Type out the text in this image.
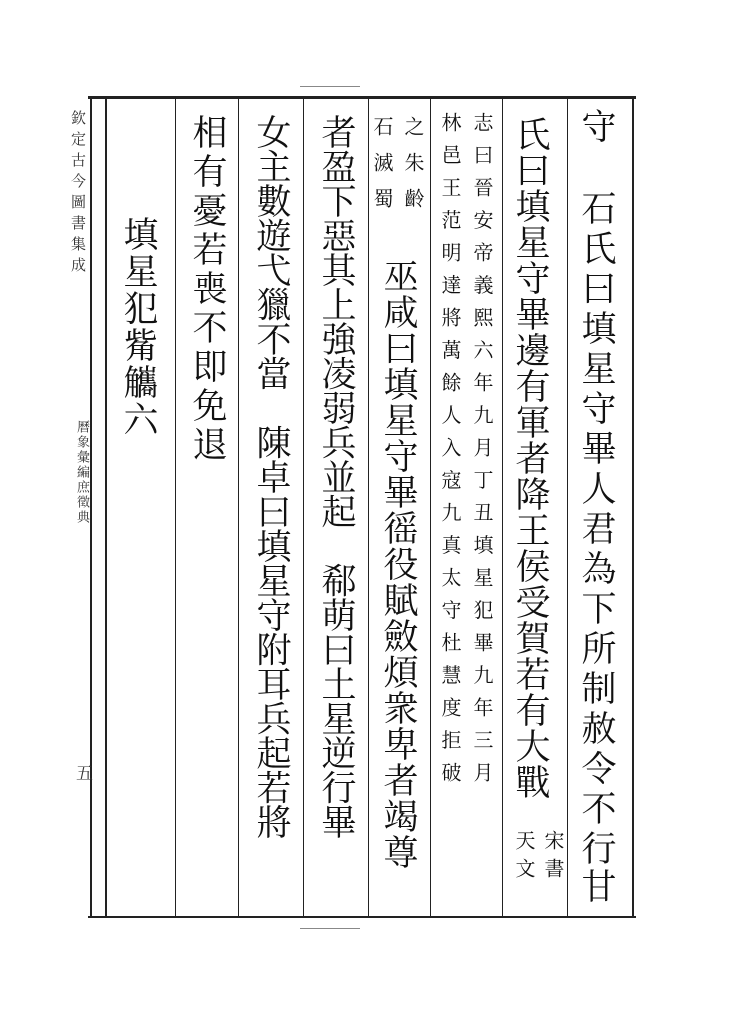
欽定古今圖書集成
曆象彙編庶徵典
五
守
石氏曰填星守畢人君為下所制赦令不行
甘
氏曰填星守畢邊有軍者降王侯受賀若有大戰
宋
書
天
文
志曰晉安帝義熙六年九月丁丑填星犯畢九年三月
林邑王范明達將萬餘人入寇九真太守杜慧度拒破
之朱齡
石滅蜀
巫咸曰填星守畢徭役賦斂煩衆卑者竭尊
者盈下惡其上強凌弱兵並起　郗萌曰土星逆行畢
女主數遊弋獵不當　陳卓曰填星守附耳兵起若將
相有憂若喪不即免退
填星犯觜觿六
